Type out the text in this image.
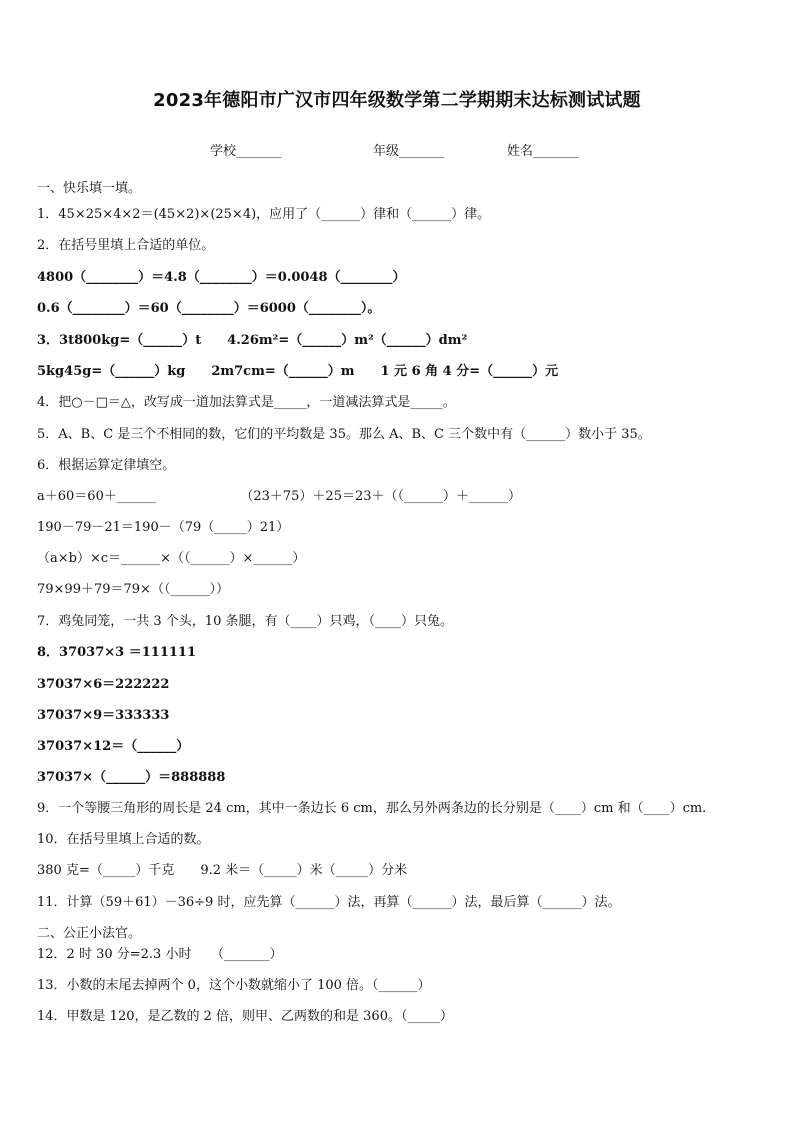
2023年德阳市广汉市四年级数学第二学期期末达标测试试题
学校_______	年级_______	姓名_______
一、快乐填一填。
1．45×25×4×2＝(45×2)×(25×4)，应用了（______）律和（______）律。
2．在括号里填上合适的单位。
4800（________）＝4.8（________）＝0.0048（________）
0.6（________）＝60（________）＝6000（________）。
3．3t800kg=（______）t　　4.26m²=（______）m²（______）dm²
5kg45g=（______）kg　　2m7cm=（______）m　　1 元 6 角 4 分=（______）元
4．把○－□＝△，改写成一道加法算式是_____，一道减法算式是_____。
5．A、B、C 是三个不相同的数，它们的平均数是 35。那么 A、B、C 三个数中有（______）数小于 35。
6．根据运算定律填空。
a＋60＝60＋______　　　　　　　（23＋75）＋25＝23＋（（______）＋______）
190－79－21＝190－（79（_____）21）
（a×b）×c＝______×（（______）×______）
79×99＋79＝79×（（______））
7．鸡兔同笼，一共 3 个头，10 条腿，有（____）只鸡，（____）只兔。
8．37037×3 ＝111111
37037×6＝222222
37037×9＝333333
37037×12＝（______）
37037×（______）＝888888
9．一个等腰三角形的周长是 24 cm，其中一条边长 6 cm，那么另外两条边的长分别是（____）cm 和（____）cm.
10．在括号里填上合适的数。
380 克=（_____）千克　　9.2 米＝（_____）米（_____）分米
11．计算（59＋61）－36÷9 时，应先算（______）法，再算（______）法，最后算（______）法。
二、公正小法官。
12．2 时 30 分=2.3 小时　　（_______）
13．小数的末尾去掉两个 0，这个小数就缩小了 100 倍。（______）
14．甲数是 120，是乙数的 2 倍，则甲、乙两数的和是 360。（_____）
